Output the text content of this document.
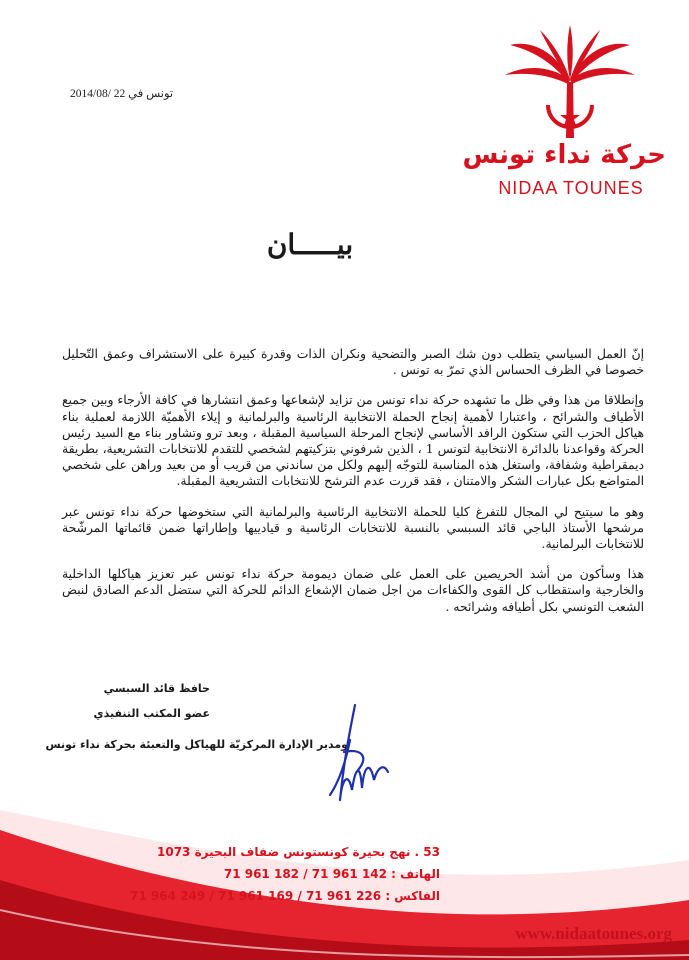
تونس في 22 /2014/08
حركة نداء تونس
NIDAA TOUNES
بيـــــان

إنّ العمل السياسي يتطلب دون شك الصبر والتضحية ونكران الذات وقدرة كبيرة على الاستشراف وعمق التّحليل خصوصا في الظرف الحساس الذي تمرّ به تونس .

وإنطلاقا من هذا وفي ظل ما تشهده حركة نداء تونس من تزايد لإشعاعها وعمق انتشارها في كافة الأرجاء وبين جميع الأطياف والشرائح ، واعتبارا لأهمية إنجاح الحملة الانتخابية الرئاسية والبرلمانية و إيلاء الأهميّة اللازمة لعملية بناء هياكل الحزب التي ستكون الرافد الأساسي لإنجاح المرحلة السياسية المقبلة ، وبعد ترو وتشاور بناء مع السيد رئيس الحركة وقواعدنا بالدائرة الانتخابية لتونس 1 ، الذين شرفوني بتزكيتهم لشخصي للتقدم للانتخابات التشريعية، بطريقة ديمقراطية وشفافة، واستغل هذه المناسبة للتوجّه إليهم ولكل من ساندني من قريب أو من بعيد وراهن على شخصي المتواضع بكل عبارات الشكر والامتنان ، فقد قررت عدم الترشح للانتخابات التشريعية المقبلة.

وهو ما سيتيح لي المجال للتفرغ كليا للحملة الانتخابية الرئاسية والبرلمانية التي ستخوضها حركة نداء تونس عبر مرشحها الأستاذ الباجي قائد السبسي بالنسبة للانتخابات الرئاسية و قيادييها وإطاراتها ضمن قائماتها المرشّحة للانتخابات البرلمانية.

هذا وسأكون من أشد الحريصين على العمل على ضمان ديمومة حركة نداء تونس عبر تعزيز هياكلها الداخلية والخارجية واستقطاب كل القوى والكفاءات من اجل ضمان الإشعاع الدائم للحركة التي ستضل الدعم الصادق لنبض الشعب التونسي بكل أطيافه وشرائحه .

حافظ قائد السبسي
عضو المكتب التنفيذي
ومدير الإدارة المركزيّة للهياكل والتعبئة بحركة نداء تونس
53 . نهج بحيرة كونستونس ضفاف البحيرة 1073
الهاتف : 142 961 71 / 182 961 71
الفاكس : 226 961 71 / 169 961 71 / 249 964 71
www.nidaatounes.org
